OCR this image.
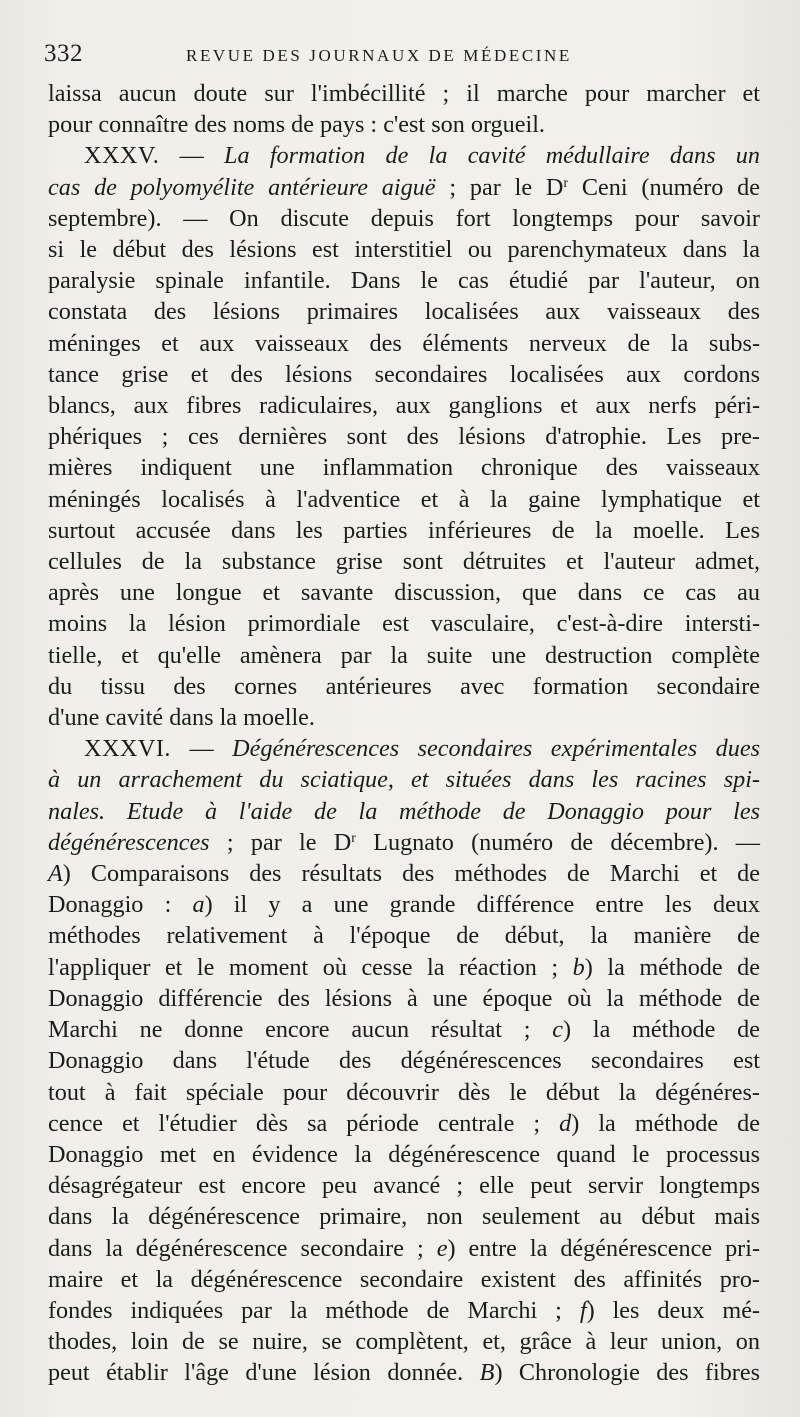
332	REVUE DES JOURNAUX DE MÉDECINE
laissa aucun doute sur l'imbécillité ; il marche pour marcher et
pour connaître des noms de pays : c'est son orgueil.
XXXV. — La formation de la cavité médullaire dans un
cas de polyomyélite antérieure aiguë ; par le $D^r$ Ceni (numéro de
septembre). — On discute depuis fort longtemps pour savoir
si le début des lésions est interstitiel ou parenchymateux dans la
paralysie spinale infantile. Dans le cas étudié par l'auteur, on
constata des lésions primaires localisées aux vaisseaux des
méninges et aux vaisseaux des éléments nerveux de la subs-
tance grise et des lésions secondaires localisées aux cordons
blancs, aux fibres radiculaires, aux ganglions et aux nerfs péri-
phériques ; ces dernières sont des lésions d'atrophie. Les pre-
mières indiquent une inflammation chronique des vaisseaux
méningés localisés à l'adventice et à la gaine lymphatique et
surtout accusée dans les parties inférieures de la moelle. Les
cellules de la substance grise sont détruites et l'auteur admet,
après une longue et savante discussion, que dans ce cas au
moins la lésion primordiale est vasculaire, c'est-à-dire intersti-
tielle, et qu'elle amènera par la suite une destruction complète
du tissu des cornes antérieures avec formation secondaire
d'une cavité dans la moelle.
XXXVI. — Dégénérescences secondaires expérimentales dues
à un arrachement du sciatique, et situées dans les racines spi-
nales. Etude à l'aide de la méthode de Donaggio pour les
dégénérescences ; par le $D^r$ Lugnato (numéro de décembre). —
A) Comparaisons des résultats des méthodes de Marchi et de
Donaggio : a) il y a une grande différence entre les deux
méthodes relativement à l'époque de début, la manière de
l'appliquer et le moment où cesse la réaction ; b) la méthode de
Donaggio différencie des lésions à une époque où la méthode de
Marchi ne donne encore aucun résultat ; c) la méthode de
Donaggio dans l'étude des dégénérescences secondaires est
tout à fait spéciale pour découvrir dès le début la dégénéres-
cence et l'étudier dès sa période centrale ; d) la méthode de
Donaggio met en évidence la dégénérescence quand le processus
désagrégateur est encore peu avancé ; elle peut servir longtemps
dans la dégénérescence primaire, non seulement au début mais
dans la dégénérescence secondaire ; e) entre la dégénérescence pri-
maire et la dégénérescence secondaire existent des affinités pro-
fondes indiquées par la méthode de Marchi ; f) les deux mé-
thodes, loin de se nuire, se complètent, et, grâce à leur union, on
peut établir l'âge d'une lésion donnée. B) Chronologie des fibres
